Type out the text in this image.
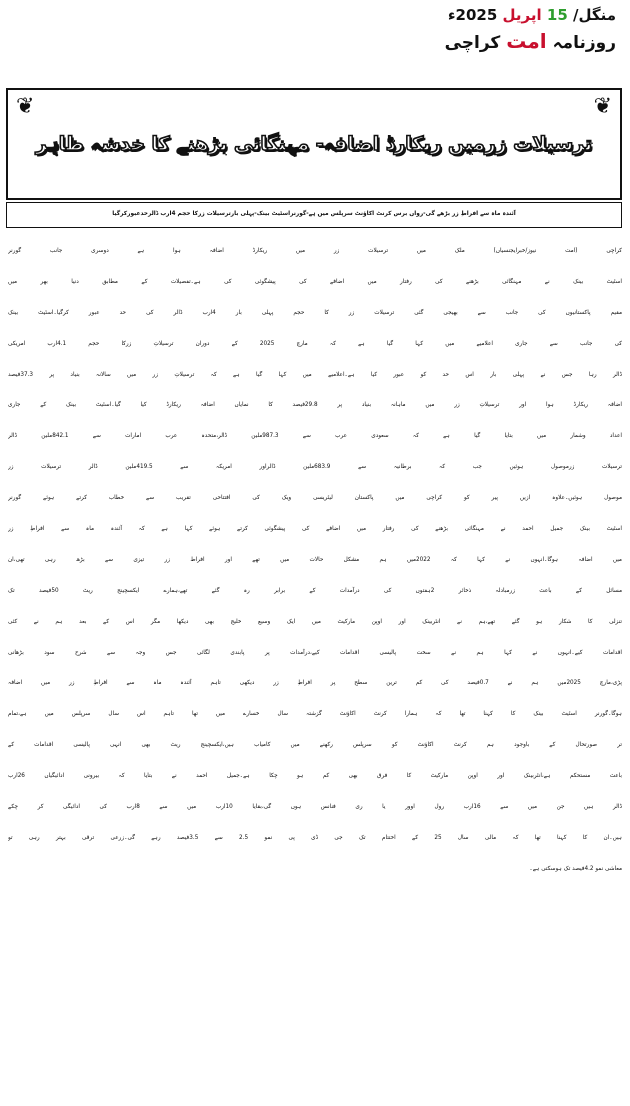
منگل/ 15 اپریل 2025ء
روزنامہ امت کراچی
❦
❦
ترسیلات زرمیں ریکارڈ اضافہ- مہنگائی بڑھنے کا خدشہ ظاہر
آئندہ ماہ سے افراطِ زر بڑھے گی-رواں برس کرنٹ اکاؤنٹ سرپلس میں ہے-گورنراسٹیٹ بینک-پہلی بارترسیلات زرکا حجم 4ارب ڈالرحدعبورکرگیا
کراچی (امت نیوز/خبرایجنسیاں) ملک میں ترسیلات زر میں ریکارڈ اضافہ ہوا ہے دوسری جانب گورنر
اسٹیٹ بینک نے مہنگائی بڑھنے کی رفتار میں اضافے کی پیشگوئی کی ہے۔تفصیلات کے مطابق دنیا بھر میں
مقیم پاکستانیوں کی جانب سے بھیجی گئی ترسیلات زر کا حجم پہلی بار 4ارب ڈالر کی حد عبور کرگیا۔اسٹیٹ بینک
کی جانب سے جاری اعلامیے میں کہا گیا ہے کہ مارچ 2025 کے دوران ترسیلاتِ زرکا حجم 4.1ارب امریکی
ڈالر رہا جس نے پہلی بار اس حد کو عبور کیا ہے۔اعلامیے میں کہا گیا ہے کہ ترسیلاتِ زر میں سالانہ بنیاد پر 37.3فیصد
اضافہ ریکارڈ ہوا اور ترسیلاتِ زر میں ماہانہ بنیاد پر 29.8فیصد کا نمایاں اضافہ ریکارڈ کیا گیا۔اسٹیٹ بینک کے جاری
اعداد وشمار میں بتایا گیا ہے کہ سعودی عرب سے 987.3ملین ڈالر،متحدہ عرب امارات سے 842.1ملین ڈالر
ترسیلات زرموصول ہوئیں جب کہ برطانیہ سے 683.9ملین ڈالراور امریکہ سے 419.5ملین ڈالر ترسیلات زر
موصول ہوئیں۔علاوہ ازیں پیر کو کراچی میں پاکستان لیٹریسی ویک کی افتتاحی تقریب سے خطاب کرتے ہوئے گورنر
اسٹیٹ بینک جمیل احمد نے مہنگائی بڑھنے کی رفتار میں اضافے کی پیشگوئی کرتے ہوئے کہا ہے کہ آئندہ ماہ سے افراطِ زر
میں اضافہ ہوگا۔انہوں نے کہا کہ 2022میں ہم مشکل حالات میں تھے اور افراط زر تیزی سے بڑھ رہی تھی،ان
مسائل کے باعث زرمبادلہ ذخائر 2ہفتوں کی درآمدات کے برابر رہ گئے تھے،ہمارے ایکسچینج ریٹ 50فیصد تک
تنزلی کا شکار ہو گئے تھے،ہم نے انٹربینک اور اوپن مارکیٹ میں ایک وسیع خلیج بھی دیکھا مگر اس کے بعد ہم نے کئی
اقدامات کیے۔انہوں نے کہا ہم نے سخت پالیسی اقدامات کیے،درآمدات پر پابندی لگائی جس وجہ سے شرح سود بڑھانی
پڑی،مارچ 2025میں ہم نے 0.7فیصد کی کم ترین سطح پر افراطِ زر دیکھی تاہم آئندہ ماہ سے افراطِ زر میں اضافہ
ہوگا۔گورنر اسٹیٹ بینک کا کہنا تھا کہ ہمارا کرنٹ اکاؤنٹ گزشتہ سال خسارے میں تھا تاہم اس سال سرپلس میں ہے،تمام
تر صورتحال کے باوجود ہم کرنٹ اکاؤنٹ کو سرپلس رکھنے میں کامیاب ہیں،ایکسچینج ریٹ بھی انہی پالیسی اقدامات کے
باعث مستحکم ہے،انٹربینک اور اوپن مارکیٹ کا فرق بھی کم ہو چکا ہے۔جمیل احمد نے بتایا کہ بیرونی ادائیگیاں 26ارب
ڈالر ہیں جن میں سے 16ارب رول اوور یا ری فنانس ہوں گی،بقایا 10ارب میں سے 8ارب کی ادائیگی کر چکے
ہیں۔ان کا کہنا تھا کہ مالی سال 25 کے اختتام تک جی ڈی پی نمو 2.5 سے 3.5فیصد رہے گی۔زرعی ترقی بہتر رہی تو
معاشی نمو 4.2فیصد تک ہوسکتی ہے۔
